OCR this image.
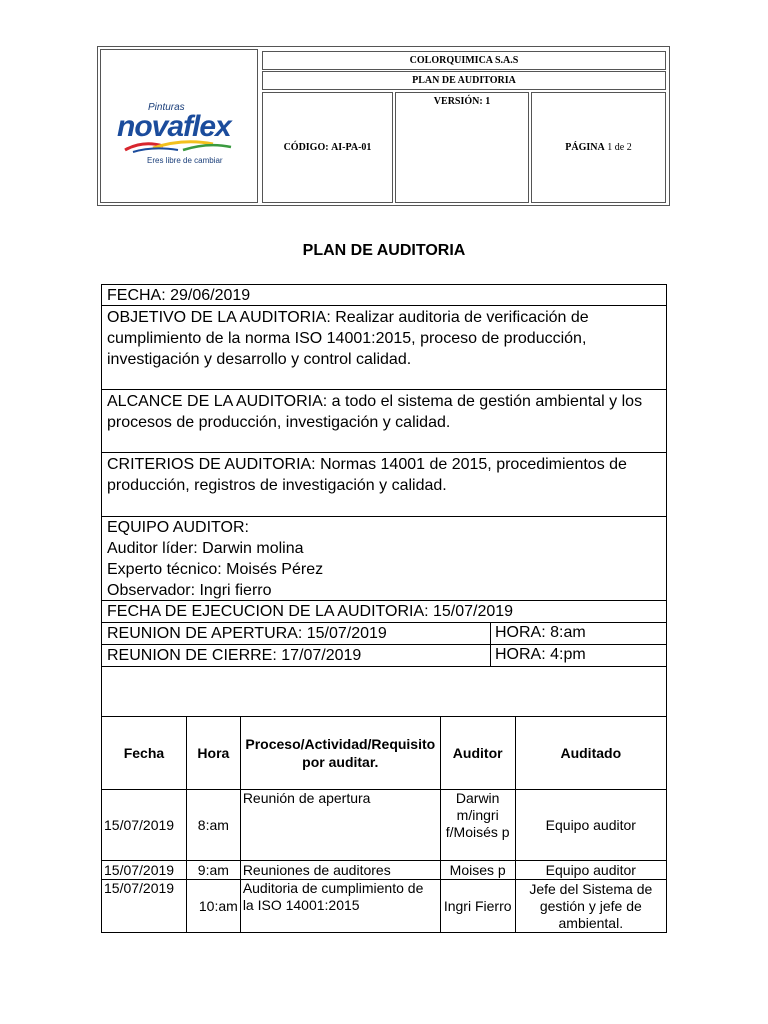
Pinturas
novaflex
Eres libre de cambiar
COLORQUIMICA S.A.S
PLAN DE AUDITORIA
CÓDIGO:
AI-PA-01
VERSIÓN: 1
PÁGINA
1 de 2
PLAN DE AUDITORIA
FECHA: 29/06/2019
OBJETIVO DE LA AUDITORIA: Realizar auditoria de verificación de cumplimiento de la norma ISO 14001:2015, proceso de producción, investigación y desarrollo y control calidad.
ALCANCE DE LA AUDITORIA: a todo el sistema de gestión ambiental y los procesos de producción, investigación y calidad.
CRITERIOS DE AUDITORIA: Normas 14001 de 2015, procedimientos de producción, registros de investigación y calidad.
EQUIPO AUDITOR:
Auditor líder: Darwin molina
Experto técnico: Moisés Pérez
Observador: Ingri fierro
FECHA DE EJECUCION DE LA AUDITORIA: 15/07/2019
REUNION DE APERTURA: 15/07/2019	HORA: 8:am
REUNION DE CIERRE: 17/07/2019	HORA: 4:pm
Fecha	Hora	Proceso/Actividad/Requisito por auditar.	Auditor	Auditado
15/07/2019	8:am	Reunión de apertura	Darwin m/ingri f/Moisés p	Equipo auditor
15/07/2019	9:am	Reuniones de auditores	Moises p	Equipo auditor
15/07/2019	10:am	Auditoria de cumplimiento de la ISO 14001:2015	Ingri Fierro	Jefe del Sistema de gestión y jefe de ambiental.
